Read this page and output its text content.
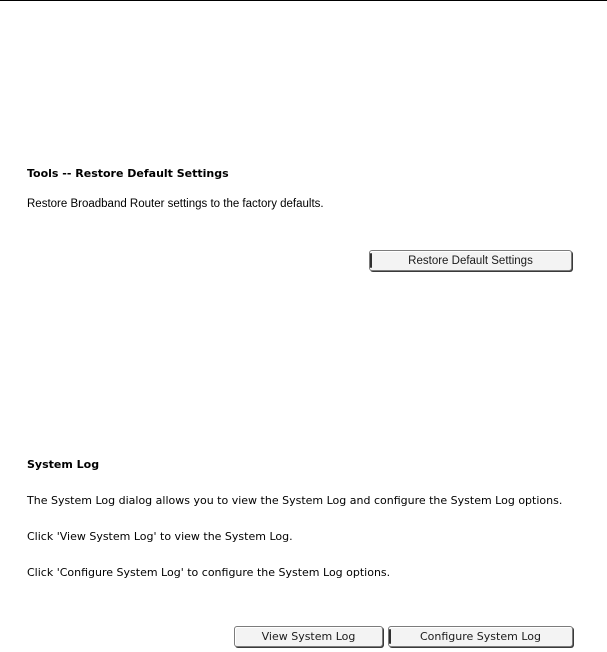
Tools -- Restore Default Settings
Restore Broadband Router settings to the factory defaults.
Restore Default Settings
System Log
The System Log dialog allows you to view the System Log and configure the System Log options.
Click 'View System Log' to view the System Log.
Click 'Configure System Log' to configure the System Log options.
View System Log	Configure System Log
